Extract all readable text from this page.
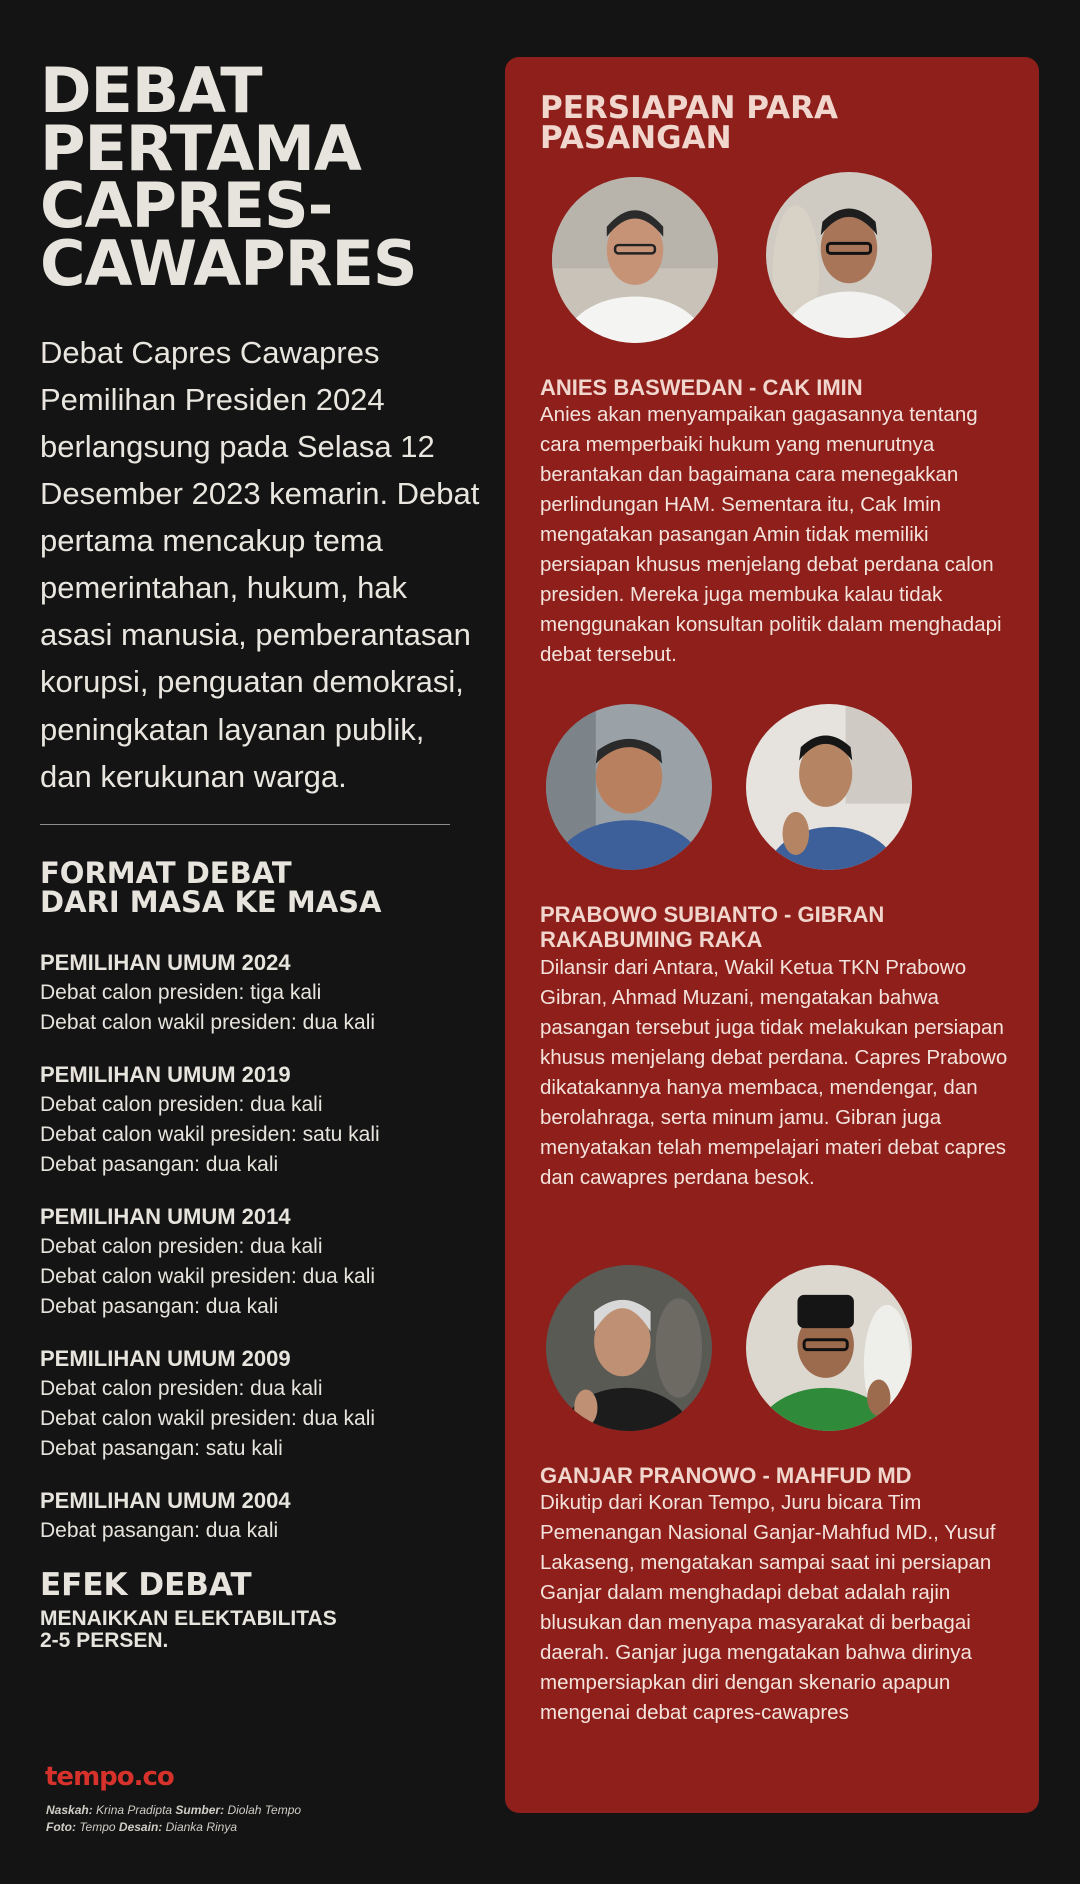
DEBAT
PERTAMA
CAPRES-
CAWAPRES
Debat Capres Cawapres Pemilihan Presiden 2024 berlangsung pada Selasa 12 Desember 2023 kemarin. Debat pertama mencakup tema pemerintahan, hukum, hak asasi manusia, pemberantasan korupsi, penguatan demokrasi, peningkatan layanan publik, dan kerukunan warga.
FORMAT DEBAT
DARI MASA KE MASA
PEMILIHAN UMUM 2024
Debat calon presiden: tiga kali
Debat calon wakil presiden: dua kali
PEMILIHAN UMUM 2019
Debat calon presiden: dua kali
Debat calon wakil presiden: satu kali
Debat pasangan: dua kali
PEMILIHAN UMUM 2014
Debat calon presiden: dua kali
Debat calon wakil presiden: dua kali
Debat pasangan: dua kali
PEMILIHAN UMUM 2009
Debat calon presiden: dua kali
Debat calon wakil presiden: dua kali
Debat pasangan: satu kali
PEMILIHAN UMUM 2004
Debat pasangan: dua kali
EFEK DEBAT
MENAIKKAN ELEKTABILITAS
2-5 PERSEN.
tempo.co
Naskah: Krina Pradipta Sumber: Diolah Tempo
Foto: Tempo Desain: Dianka Rinya
PERSIAPAN PARA
PASANGAN
ANIES BASWEDAN - CAK IMIN
Anies akan menyampaikan gagasannya tentang cara memperbaiki hukum yang menurutnya berantakan dan bagaimana cara menegakkan perlindungan HAM. Sementara itu, Cak Imin mengatakan pasangan Amin tidak memiliki persiapan khusus menjelang debat perdana calon presiden. Mereka juga membuka kalau tidak menggunakan konsultan politik dalam menghadapi debat tersebut.
PRABOWO SUBIANTO - GIBRAN
RAKABUMING RAKA
Dilansir dari Antara, Wakil Ketua TKN Prabowo Gibran, Ahmad Muzani, mengatakan bahwa pasangan tersebut juga tidak melakukan persiapan khusus menjelang debat perdana. Capres Prabowo dikatakannya hanya membaca, mendengar, dan berolahraga, serta minum jamu. Gibran juga menyatakan telah mempelajari materi debat capres dan cawapres perdana besok.
GANJAR PRANOWO - MAHFUD MD
Dikutip dari Koran Tempo, Juru bicara Tim Pemenangan Nasional Ganjar-Mahfud MD., Yusuf Lakaseng, mengatakan sampai saat ini persiapan Ganjar dalam menghadapi debat adalah rajin blusukan dan menyapa masyarakat di berbagai daerah. Ganjar juga mengatakan bahwa dirinya mempersiapkan diri dengan skenario apapun mengenai debat capres-cawapres
